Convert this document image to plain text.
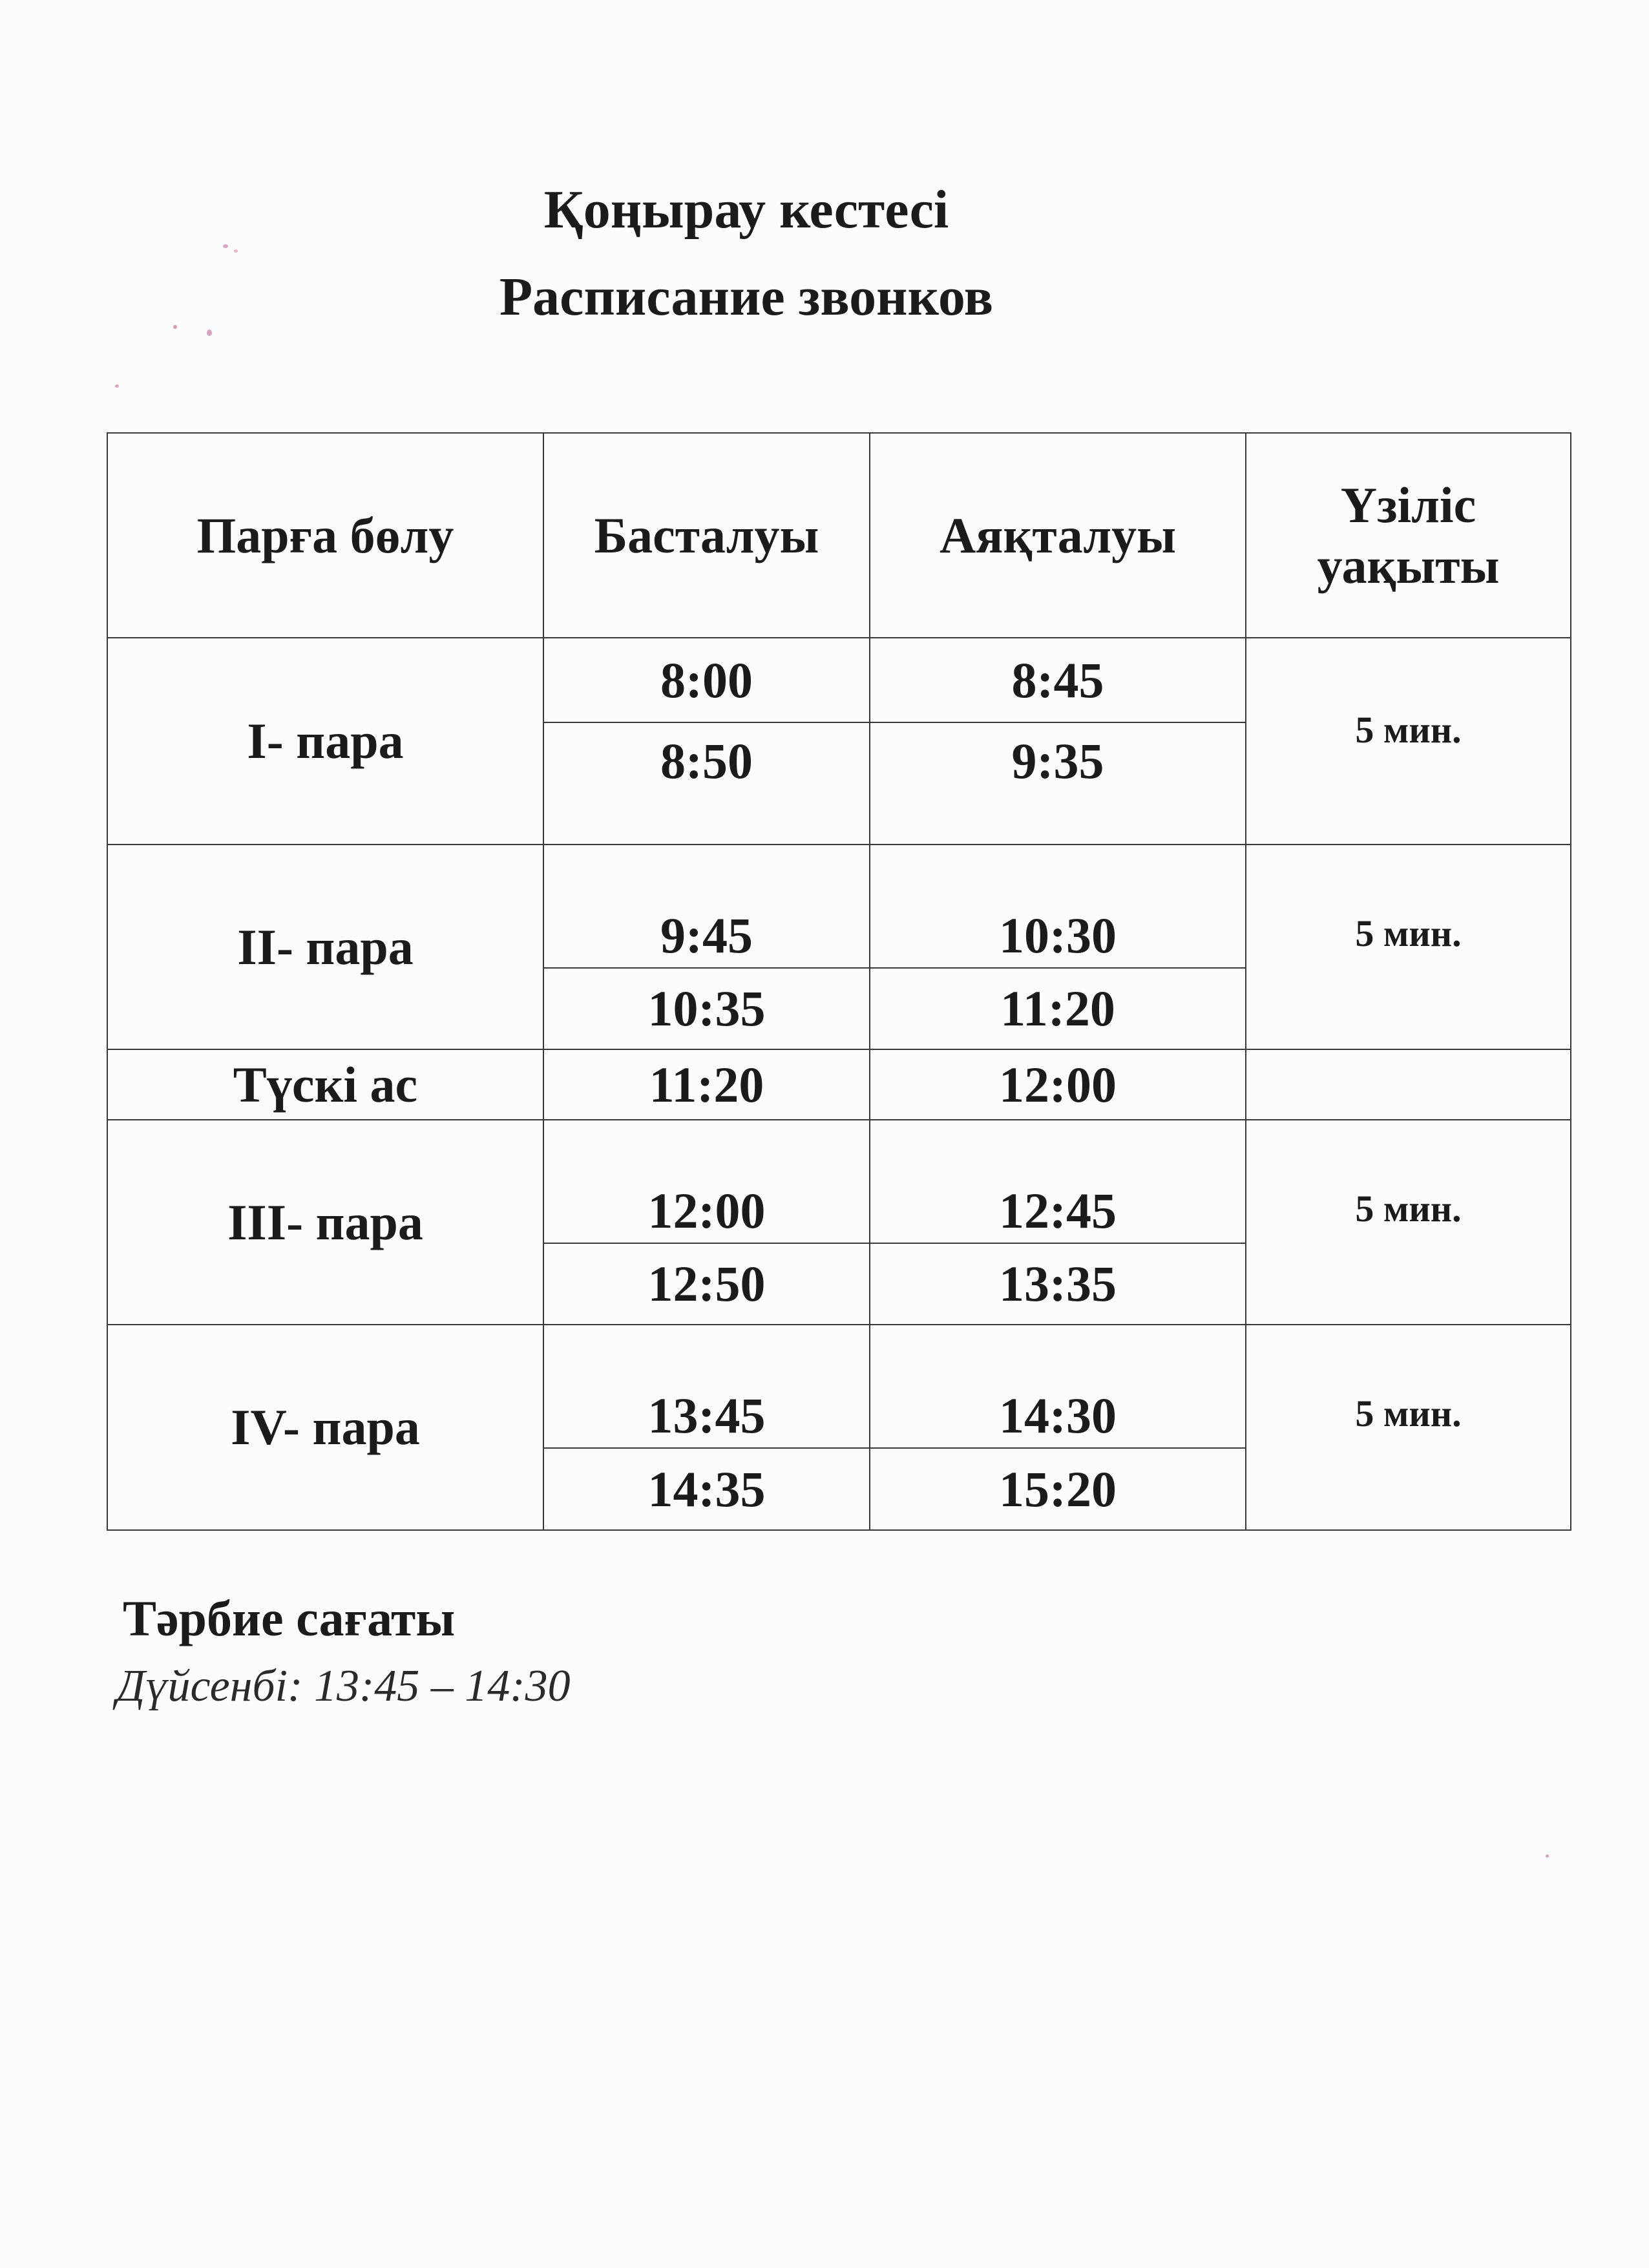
Қоңырау кестесі
Расписание звонков
Парға бөлу	Басталуы	Аяқталуы	Үзіліс уақыты

I- пара	8:00	8:45	5 мин.

	8:50	9:35	

II- пара	9:45	10:30	5 мин.

	10:35	11:20	

Түскі ас	11:20	12:00	

III- пара	12:00	12:45	5 мин.

	12:50	13:35	

IV- пара	13:45	14:30	5 мин.

	14:35	15:20	

Тәрбие сағаты

Дүйсенбі: 13:45 – 14:30
